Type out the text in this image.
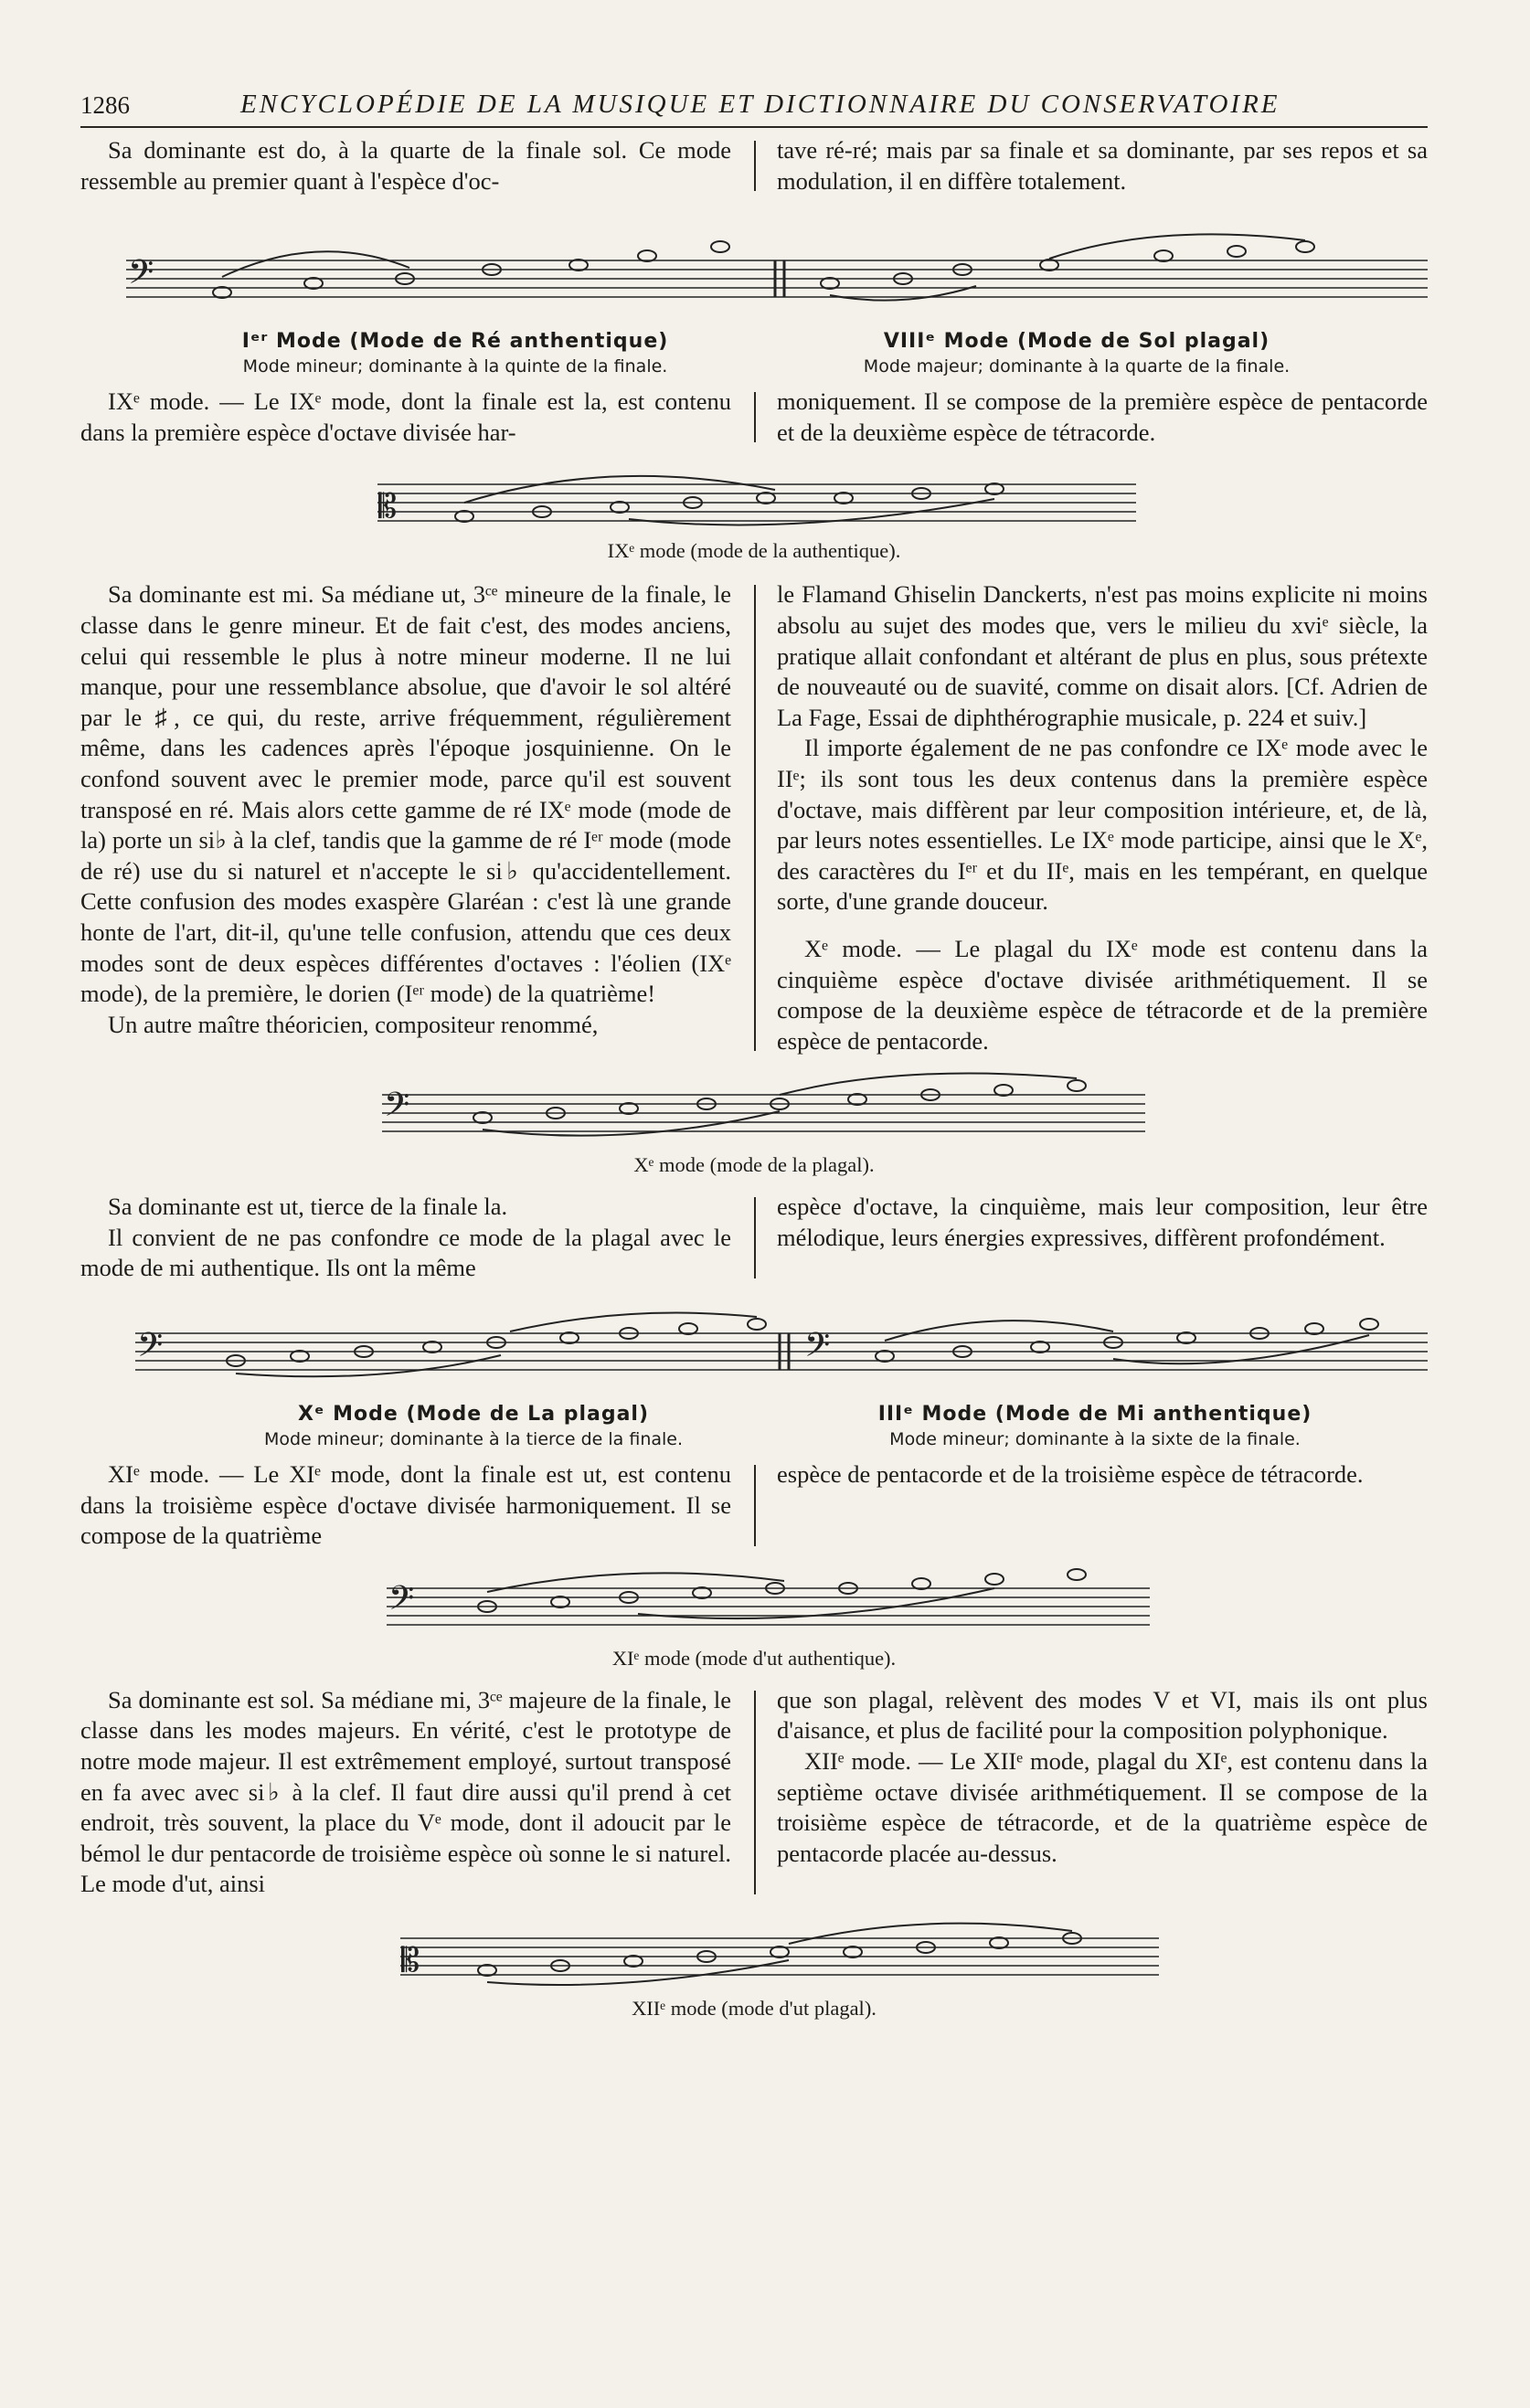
1286	ENCYCLOPÉDIE DE LA MUSIQUE ET DICTIONNAIRE DU CONSERVATOIRE

Sa dominante est do, à la quarte de la finale sol. Ce mode ressemble au premier quant à l'espèce d'oc-

tave ré-ré; mais par sa finale et sa dominante, par ses repos et sa modulation, il en diffère totalement.

𝄢
Iᵉʳ Mode (Mode de Ré anthentique)
Mode mineur; dominante à la quinte de la finale.
VIIIᵉ Mode (Mode de Sol plagal)
Mode majeur; dominante à la quarte de la finale.

IXᵉ mode. — Le IXᵉ mode, dont la finale est la, est contenu dans la première espèce d'octave divisée har-

moniquement. Il se compose de la première espèce de pentacorde et de la deuxième espèce de tétracorde.

𝄡
IXᵉ mode (mode de la authentique).

Sa dominante est mi. Sa médiane ut, 3ᶜᵉ mineure de la finale, le classe dans le genre mineur. Et de fait c'est, des modes anciens, celui qui ressemble le plus à notre mineur moderne. Il ne lui manque, pour une ressemblance absolue, que d'avoir le sol altéré par le ♯, ce qui, du reste, arrive fréquemment, régulièrement même, dans les cadences après l'époque josquinienne. On le confond souvent avec le premier mode, parce qu'il est souvent transposé en ré. Mais alors cette gamme de ré IXᵉ mode (mode de la) porte un si♭ à la clef, tandis que la gamme de ré Iᵉʳ mode (mode de ré) use du si naturel et n'accepte le si♭ qu'accidentellement. Cette confusion des modes exaspère Glaréan : c'est là une grande honte de l'art, dit-il, qu'une telle confusion, attendu que ces deux modes sont de deux espèces différentes d'octaves : l'éolien (IXᵉ mode), de la première, le dorien (Iᵉʳ mode) de la quatrième!

Un autre maître théoricien, compositeur renommé,

le Flamand Ghiselin Danckerts, n'est pas moins explicite ni moins absolu au sujet des modes que, vers le milieu du xviᵉ siècle, la pratique allait confondant et altérant de plus en plus, sous prétexte de nouveauté ou de suavité, comme on disait alors. [Cf. Adrien de La Fage, Essai de diphthérographie musicale, p. 224 et suiv.]

Il importe également de ne pas confondre ce IXᵉ mode avec le IIᵉ; ils sont tous les deux contenus dans la première espèce d'octave, mais diffèrent par leur composition intérieure, et, de là, par leurs notes essentielles. Le IXᵉ mode participe, ainsi que le Xᵉ, des caractères du Iᵉʳ et du IIᵉ, mais en les tempérant, en quelque sorte, d'une grande douceur.

Xᵉ mode. — Le plagal du IXᵉ mode est contenu dans la cinquième espèce d'octave divisée arithmétiquement. Il se compose de la deuxième espèce de tétracorde et de la première espèce de pentacorde.

𝄢
Xᵉ mode (mode de la plagal).

Sa dominante est ut, tierce de la finale la.

Il convient de ne pas confondre ce mode de la plagal avec le mode de mi authentique. Ils ont la même

espèce d'octave, la cinquième, mais leur composition, leur être mélodique, leurs énergies expressives, diffèrent profondément.

𝄢	𝄢
Xᵉ Mode (Mode de La plagal)
Mode mineur; dominante à la tierce de la finale.
IIIᵉ Mode (Mode de Mi anthentique)
Mode mineur; dominante à la sixte de la finale.

XIᵉ mode. — Le XIᵉ mode, dont la finale est ut, est contenu dans la troisième espèce d'octave divisée harmoniquement. Il se compose de la quatrième

espèce de pentacorde et de la troisième espèce de tétracorde.

𝄢
XIᵉ mode (mode d'ut authentique).

Sa dominante est sol. Sa médiane mi, 3ᶜᵉ majeure de la finale, le classe dans les modes majeurs. En vérité, c'est le prototype de notre mode majeur. Il est extrêmement employé, surtout transposé en fa avec avec si♭ à la clef. Il faut dire aussi qu'il prend à cet endroit, très souvent, la place du Vᵉ mode, dont il adoucit par le bémol le dur pentacorde de troisième espèce où sonne le si naturel. Le mode d'ut, ainsi

que son plagal, relèvent des modes V et VI, mais ils ont plus d'aisance, et plus de facilité pour la composition polyphonique.

XIIᵉ mode. — Le XIIᵉ mode, plagal du XIᵉ, est contenu dans la septième octave divisée arithmétiquement. Il se compose de la troisième espèce de tétracorde, et de la quatrième espèce de pentacorde placée au-dessus.

𝄡
XIIᵉ mode (mode d'ut plagal).
